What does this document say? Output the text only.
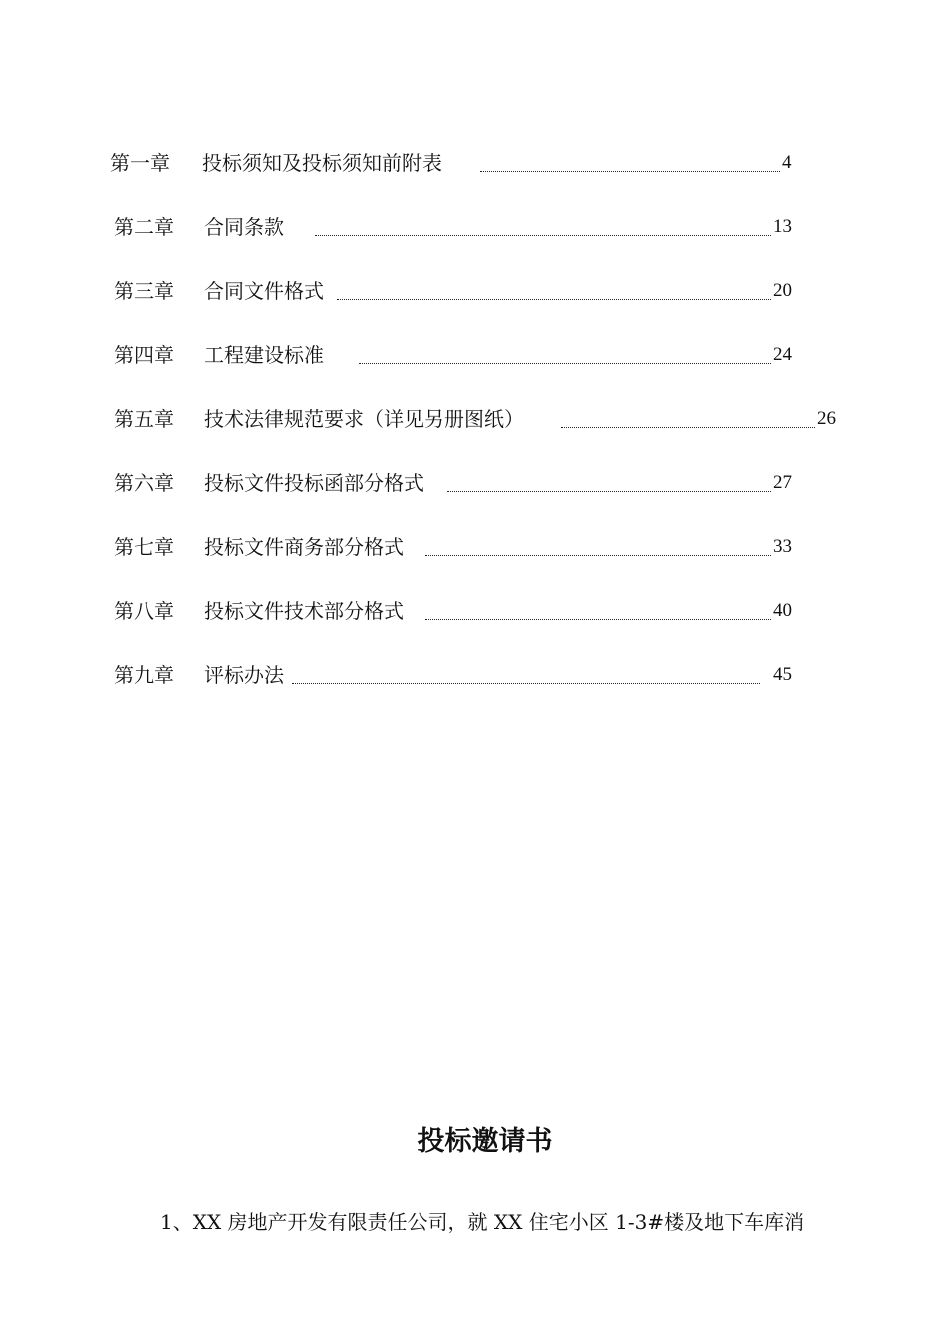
第一章 投标须知及投标须知前附表	4
第二章 合同条款	13
第三章 合同文件格式	20
第四章 工程建设标准	24
第五章 技术法律规范要求（详见另册图纸）	26
第六章 投标文件投标函部分格式	27
第七章 投标文件商务部分格式	33
第八章 投标文件技术部分格式	40
第九章 评标办法	45
投标邀请书
1、XX 房地产开发有限责任公司，就 XX 住宅小区 1-3#楼及地下车库消
